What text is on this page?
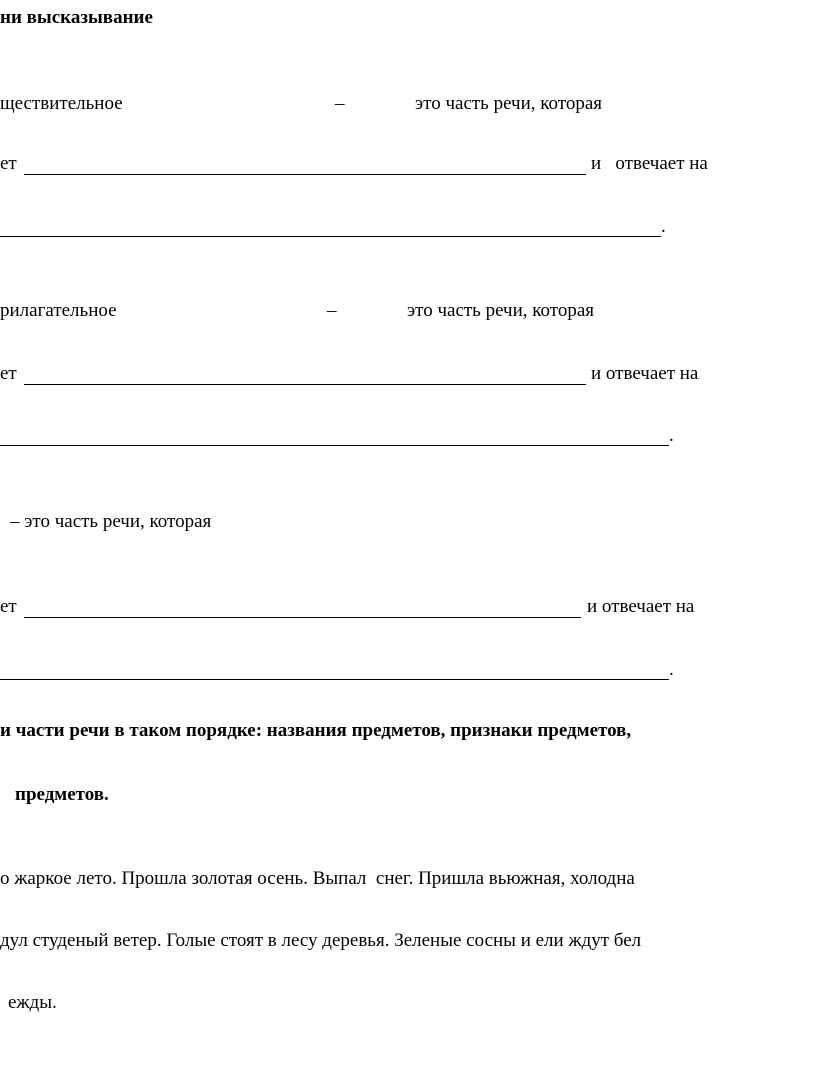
ни высказывание
ществительное	–	это часть речи, которая
ет	и   отвечает на
.
рилагательное	–	это часть речи, которая
ет	и отвечает на
.
– это часть речи, которая
ет	и отвечает на
.
и части речи в таком порядке: названия предметов, признаки предметов,
предметов.
о жаркое лето. Прошла золотая осень. Выпал  снег. Пришла вьюжная, холодна
дул студеный ветер. Голые стоят в лесу деревья. Зеленые сосны и ели ждут бел
ежды.
